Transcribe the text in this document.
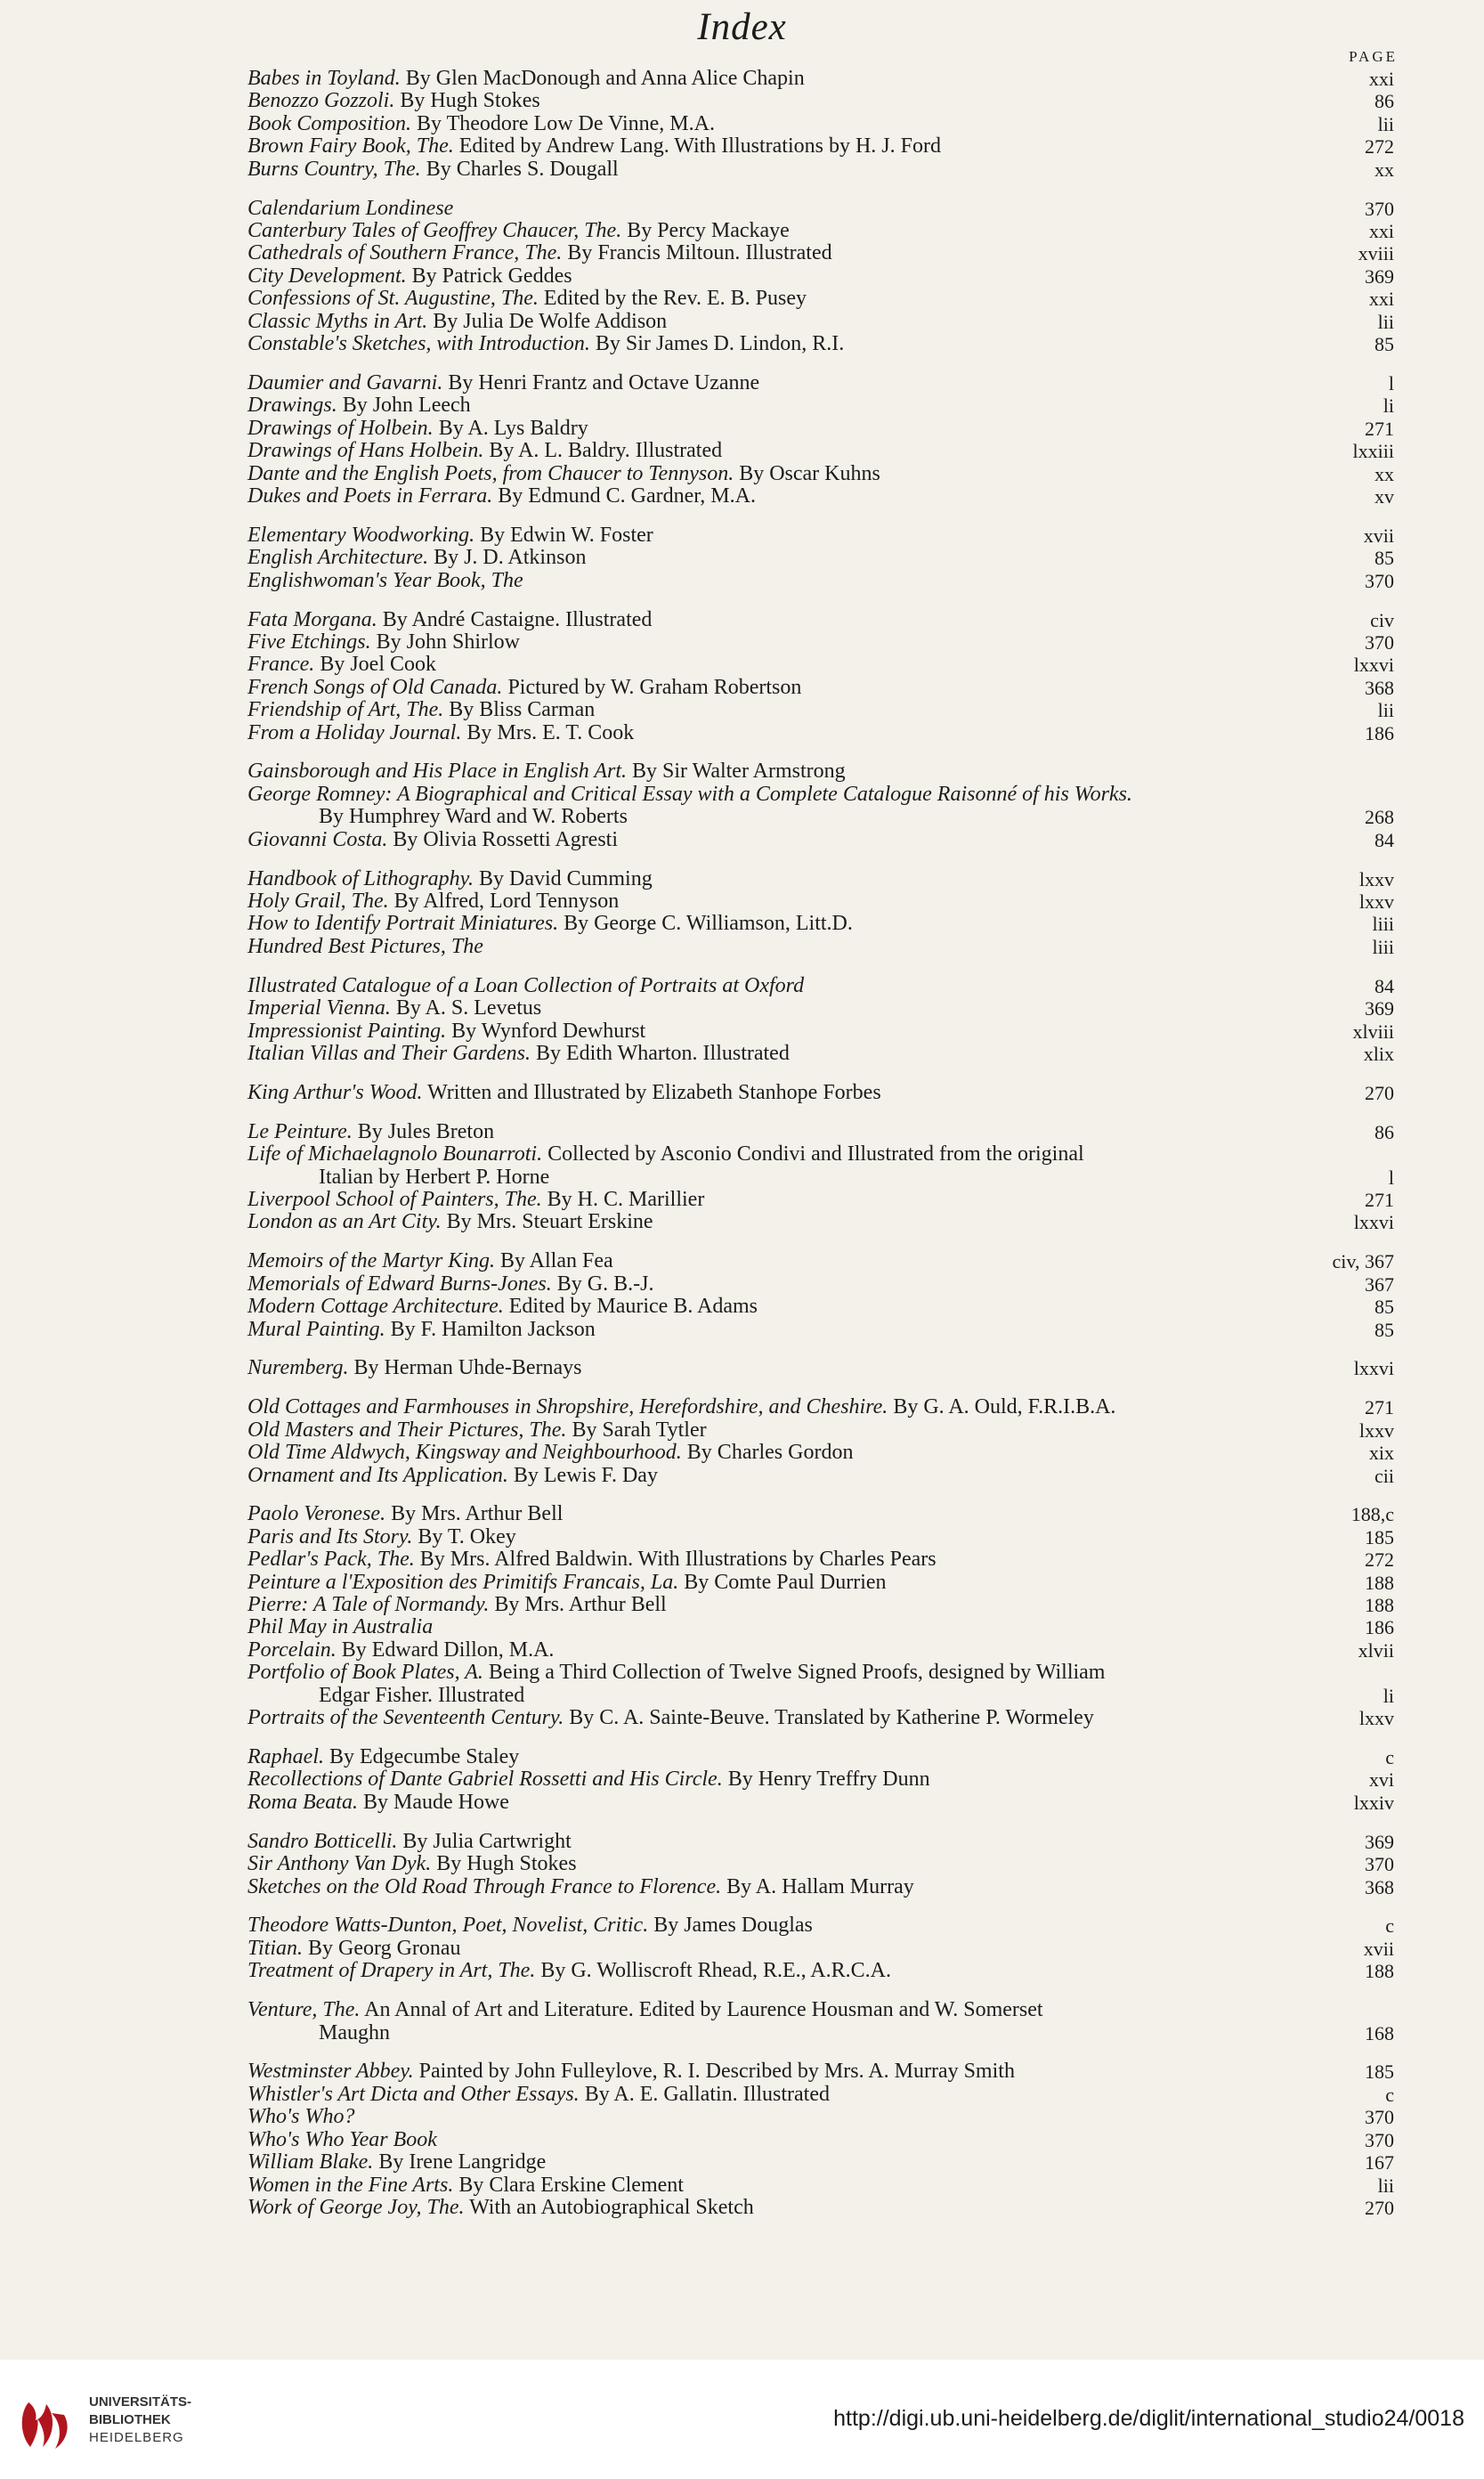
Index
PAGE
Babes in Toyland. By Glen MacDonough and Anna Alice Chapin	xxi
Benozzo Gozzoli. By Hugh Stokes	86
Book Composition. By Theodore Low De Vinne, M.A.	lii
Brown Fairy Book, The. Edited by Andrew Lang. With Illustrations by H. J. Ford	272
Burns Country, The. By Charles S. Dougall	xx
Calendarium Londinese	370
Canterbury Tales of Geoffrey Chaucer, The. By Percy Mackaye	xxi
Cathedrals of Southern France, The. By Francis Miltoun. Illustrated	xviii
City Development. By Patrick Geddes	369
Confessions of St. Augustine, The. Edited by the Rev. E. B. Pusey	xxi
Classic Myths in Art. By Julia De Wolfe Addison	lii
Constable's Sketches, with Introduction. By Sir James D. Lindon, R.I.	85
Daumier and Gavarni. By Henri Frantz and Octave Uzanne	l
Drawings. By John Leech	li
Drawings of Holbein. By A. Lys Baldry	271
Drawings of Hans Holbein. By A. L. Baldry. Illustrated	lxxiii
Dante and the English Poets, from Chaucer to Tennyson. By Oscar Kuhns	xx
Dukes and Poets in Ferrara. By Edmund C. Gardner, M.A.	xv
Elementary Woodworking. By Edwin W. Foster	xvii
English Architecture. By J. D. Atkinson	85
Englishwoman's Year Book, The	370
Fata Morgana. By André Castaigne. Illustrated	civ
Five Etchings. By John Shirlow	370
France. By Joel Cook	lxxvi
French Songs of Old Canada. Pictured by W. Graham Robertson	368
Friendship of Art, The. By Bliss Carman	lii
From a Holiday Journal. By Mrs. E. T. Cook	186
Gainsborough and His Place in English Art. By Sir Walter Armstrong
George Romney: A Biographical and Critical Essay with a Complete Catalogue Raisonné of his Works.
By Humphrey Ward and W. Roberts	268
Giovanni Costa. By Olivia Rossetti Agresti	84
Handbook of Lithography. By David Cumming	lxxv
Holy Grail, The. By Alfred, Lord Tennyson	lxxv
How to Identify Portrait Miniatures. By George C. Williamson, Litt.D.	liii
Hundred Best Pictures, The	liii
Illustrated Catalogue of a Loan Collection of Portraits at Oxford	84
Imperial Vienna. By A. S. Levetus	369
Impressionist Painting. By Wynford Dewhurst	xlviii
Italian Villas and Their Gardens. By Edith Wharton. Illustrated	xlix
King Arthur's Wood. Written and Illustrated by Elizabeth Stanhope Forbes	270
Le Peinture. By Jules Breton	86
Life of Michaelagnolo Bounarroti. Collected by Asconio Condivi and Illustrated from the original
Italian by Herbert P. Horne	l
Liverpool School of Painters, The. By H. C. Marillier	271
London as an Art City. By Mrs. Steuart Erskine	lxxvi
Memoirs of the Martyr King. By Allan Fea	civ, 367
Memorials of Edward Burns-Jones. By G. B.-J.	367
Modern Cottage Architecture. Edited by Maurice B. Adams	85
Mural Painting. By F. Hamilton Jackson	85
Nuremberg. By Herman Uhde-Bernays	lxxvi
Old Cottages and Farmhouses in Shropshire, Herefordshire, and Cheshire. By G. A. Ould, F.R.I.B.A.	271
Old Masters and Their Pictures, The. By Sarah Tytler	lxxv
Old Time Aldwych, Kingsway and Neighbourhood. By Charles Gordon	xix
Ornament and Its Application. By Lewis F. Day	cii
Paolo Veronese. By Mrs. Arthur Bell	188,c
Paris and Its Story. By T. Okey	185
Pedlar's Pack, The. By Mrs. Alfred Baldwin. With Illustrations by Charles Pears	272
Peinture a l'Exposition des Primitifs Francais, La. By Comte Paul Durrien	188
Pierre: A Tale of Normandy. By Mrs. Arthur Bell	188
Phil May in Australia	186
Porcelain. By Edward Dillon, M.A.	xlvii
Portfolio of Book Plates, A. Being a Third Collection of Twelve Signed Proofs, designed by William
Edgar Fisher. Illustrated	li
Portraits of the Seventeenth Century. By C. A. Sainte-Beuve. Translated by Katherine P. Wormeley	lxxv
Raphael. By Edgecumbe Staley	c
Recollections of Dante Gabriel Rossetti and His Circle. By Henry Treffry Dunn	xvi
Roma Beata. By Maude Howe	lxxiv
Sandro Botticelli. By Julia Cartwright	369
Sir Anthony Van Dyk. By Hugh Stokes	370
Sketches on the Old Road Through France to Florence. By A. Hallam Murray	368
Theodore Watts-Dunton, Poet, Novelist, Critic. By James Douglas	c
Titian. By Georg Gronau	xvii
Treatment of Drapery in Art, The. By G. Wolliscroft Rhead, R.E., A.R.C.A.	188
Venture, The. An Annal of Art and Literature. Edited by Laurence Housman and W. Somerset
Maughn	168
Westminster Abbey. Painted by John Fulleylove, R. I. Described by Mrs. A. Murray Smith	185
Whistler's Art Dicta and Other Essays. By A. E. Gallatin. Illustrated	c
Who's Who?	370
Who's Who Year Book	370
William Blake. By Irene Langridge	167
Women in the Fine Arts. By Clara Erskine Clement	lii
Work of George Joy, The. With an Autobiographical Sketch	270
UNIVERSITÄTS-
BIBLIOTHEK
HEIDELBERG
http://digi.ub.uni-heidelberg.de/diglit/international_studio24/0018
